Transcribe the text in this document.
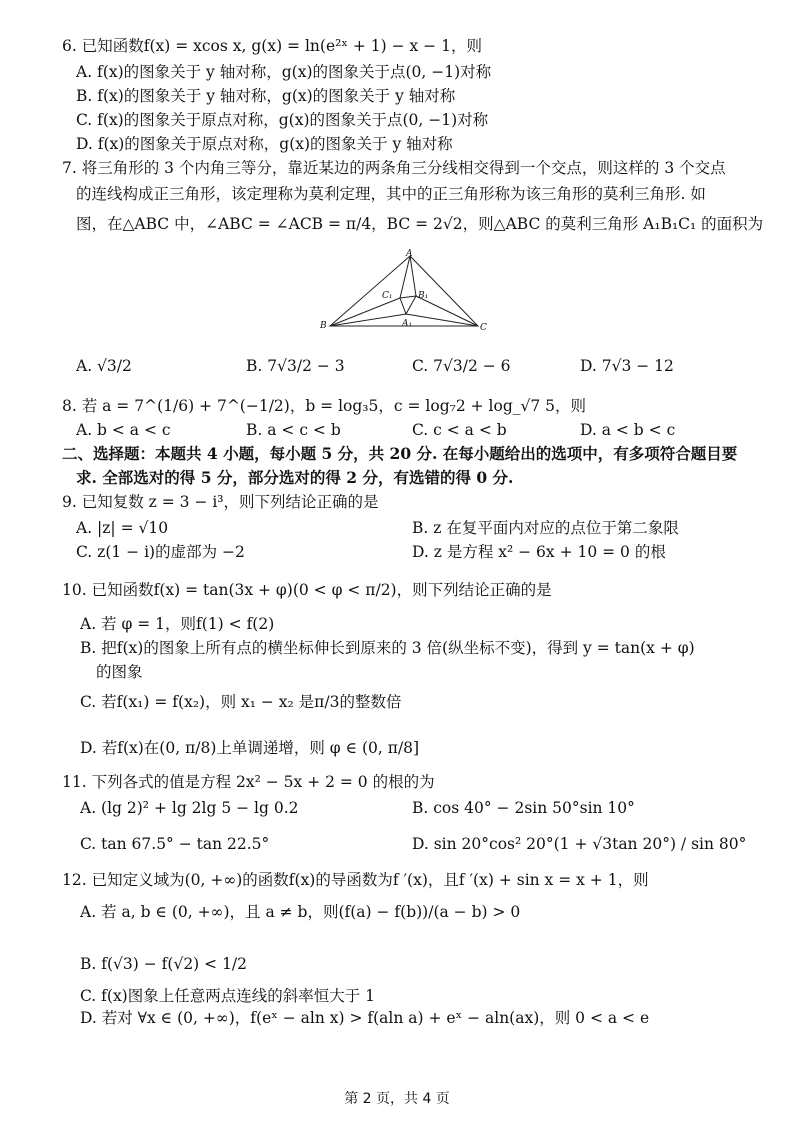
6. 已知函数f(x) = xcos x, g(x) = ln(e²ˣ + 1) − x − 1，则
A. f(x)的图象关于 y 轴对称，g(x)的图象关于点(0, −1)对称
B. f(x)的图象关于 y 轴对称，g(x)的图象关于 y 轴对称
C. f(x)的图象关于原点对称，g(x)的图象关于点(0, −1)对称
D. f(x)的图象关于原点对称，g(x)的图象关于 y 轴对称
7. 将三角形的 3 个内角三等分，靠近某边的两条角三分线相交得到一个交点，则这样的 3 个交点
的连线构成正三角形，该定理称为莫利定理，其中的正三角形称为该三角形的莫利三角形. 如
图，在△ABC 中，∠ABC = ∠ACB = π/4，BC = 2√2，则△ABC 的莫利三角形 A₁B₁C₁ 的面积为
A
B	C
A₁
B₁
C₁
A. √3/2	B. 7√3/2 − 3	C. 7√3/2 − 6	D. 7√3 − 12
8. 若 a = 7^(1/6) + 7^(−1/2)，b = log₃5，c = log₇2 + log_√7 5，则
A. b < a < c	B. a < c < b	C. c < a < b	D. a < b < c
二、选择题：本题共 4 小题，每小题 5 分，共 20 分. 在每小题给出的选项中，有多项符合题目要
求. 全部选对的得 5 分，部分选对的得 2 分，有选错的得 0 分.
9. 已知复数 z = 3 − i³，则下列结论正确的是
A. |z| = √10	B. z 在复平面内对应的点位于第二象限
C. z(1 − i)的虚部为 −2	D. z 是方程 x² − 6x + 10 = 0 的根
10. 已知函数f(x) = tan(3x + φ)(0 < φ < π/2)，则下列结论正确的是
A. 若 φ = 1，则f(1) < f(2)
B. 把f(x)的图象上所有点的横坐标伸长到原来的 3 倍(纵坐标不变)，得到 y = tan(x + φ)
的图象
C. 若f(x₁) = f(x₂)，则 x₁ − x₂ 是π/3的整数倍
D. 若f(x)在(0, π/8)上单调递增，则 φ ∈ (0, π/8]
11. 下列各式的值是方程 2x² − 5x + 2 = 0 的根的为
A. (lg 2)² + lg 2lg 5 − lg 0.2	B. cos 40° − 2sin 50°sin 10°
C. tan 67.5° − tan 22.5°	D. sin 20°cos² 20°(1 + √3tan 20°) / sin 80°
12. 已知定义域为(0, +∞)的函数f(x)的导函数为f ′(x)，且f ′(x) + sin x = x + 1，则
A. 若 a, b ∈ (0, +∞)，且 a ≠ b，则(f(a) − f(b))/(a − b) > 0
B. f(√3) − f(√2) < 1/2
C. f(x)图象上任意两点连线的斜率恒大于 1
D. 若对 ∀x ∈ (0, +∞)，f(eˣ − aln x) > f(aln a) + eˣ − aln(ax)，则 0 < a < e
第 2 页，共 4 页
